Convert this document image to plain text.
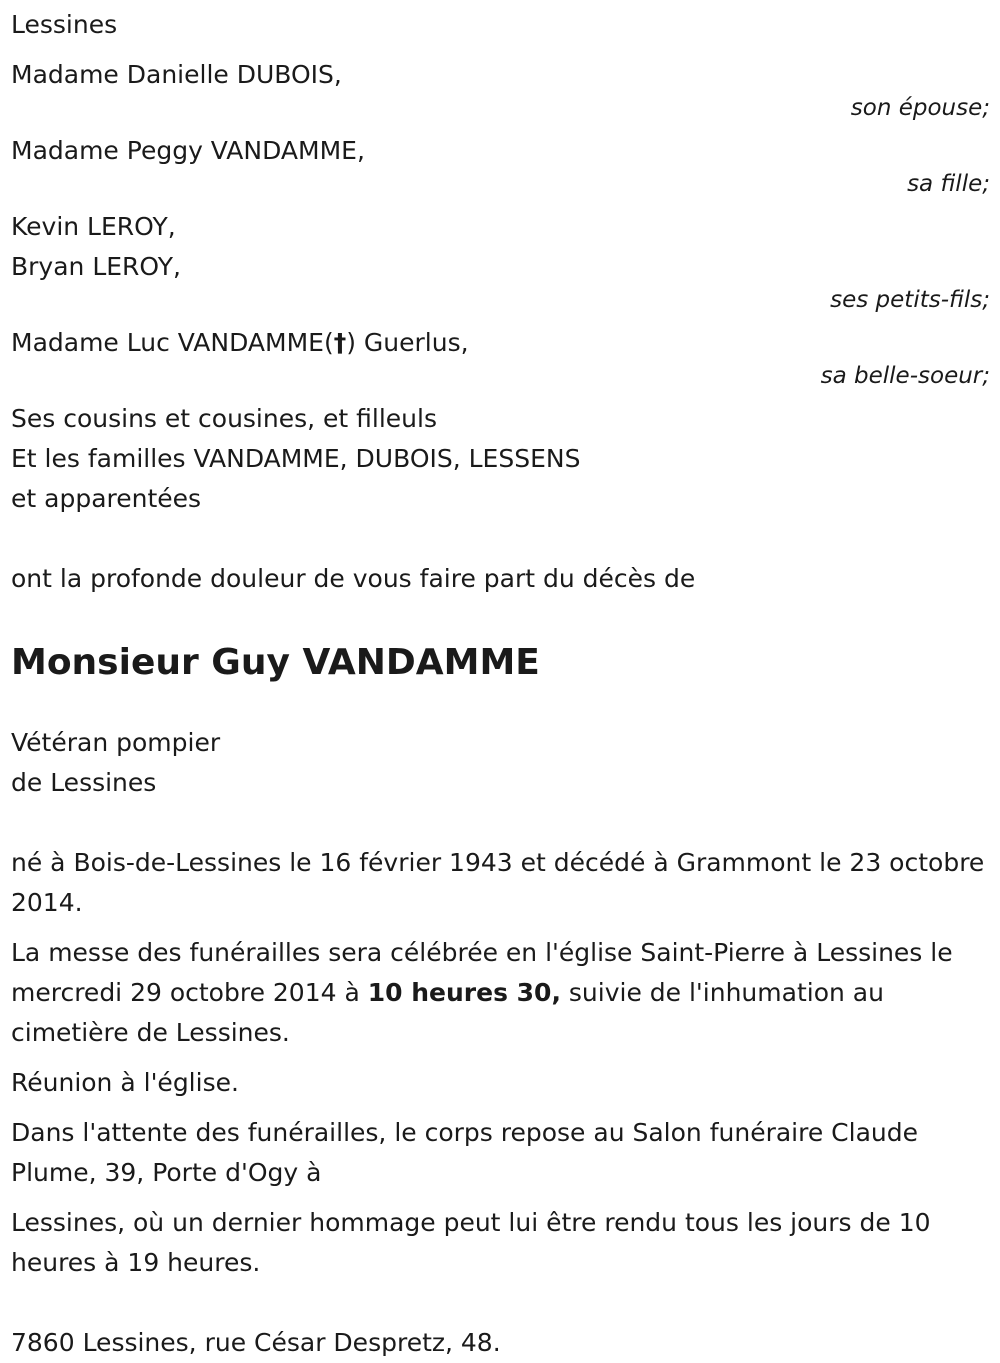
Lessines

Madame Danielle DUBOIS,

son épouse;

Madame Peggy VANDAMME,

sa fille;

Kevin LEROY,

Bryan LEROY,

ses petits-fils;

Madame Luc VANDAMME(†) Guerlus,

sa belle-soeur;

Ses cousins et cousines, et filleuls

Et les familles VANDAMME, DUBOIS, LESSENS

et apparentées

ont la profonde douleur de vous faire part du décès de

Monsieur Guy VANDAMME

Vétéran pompier

de Lessines

né à Bois-de-Lessines le 16 février 1943 et décédé à Grammont le 23 octobre 2014.

La messe des funérailles sera célébrée en l'église Saint-Pierre à Lessines le mercredi 29 octobre 2014 à 10 heures 30, suivie de l'inhumation au cimetière de Lessines.

Réunion à l'église.

Dans l'attente des funérailles, le corps repose au Salon funéraire Claude Plume, 39, Porte d'Ogy à

Lessines, où un dernier hommage peut lui être rendu tous les jours de 10 heures à 19 heures.

7860 Lessines, rue César Despretz, 48.
